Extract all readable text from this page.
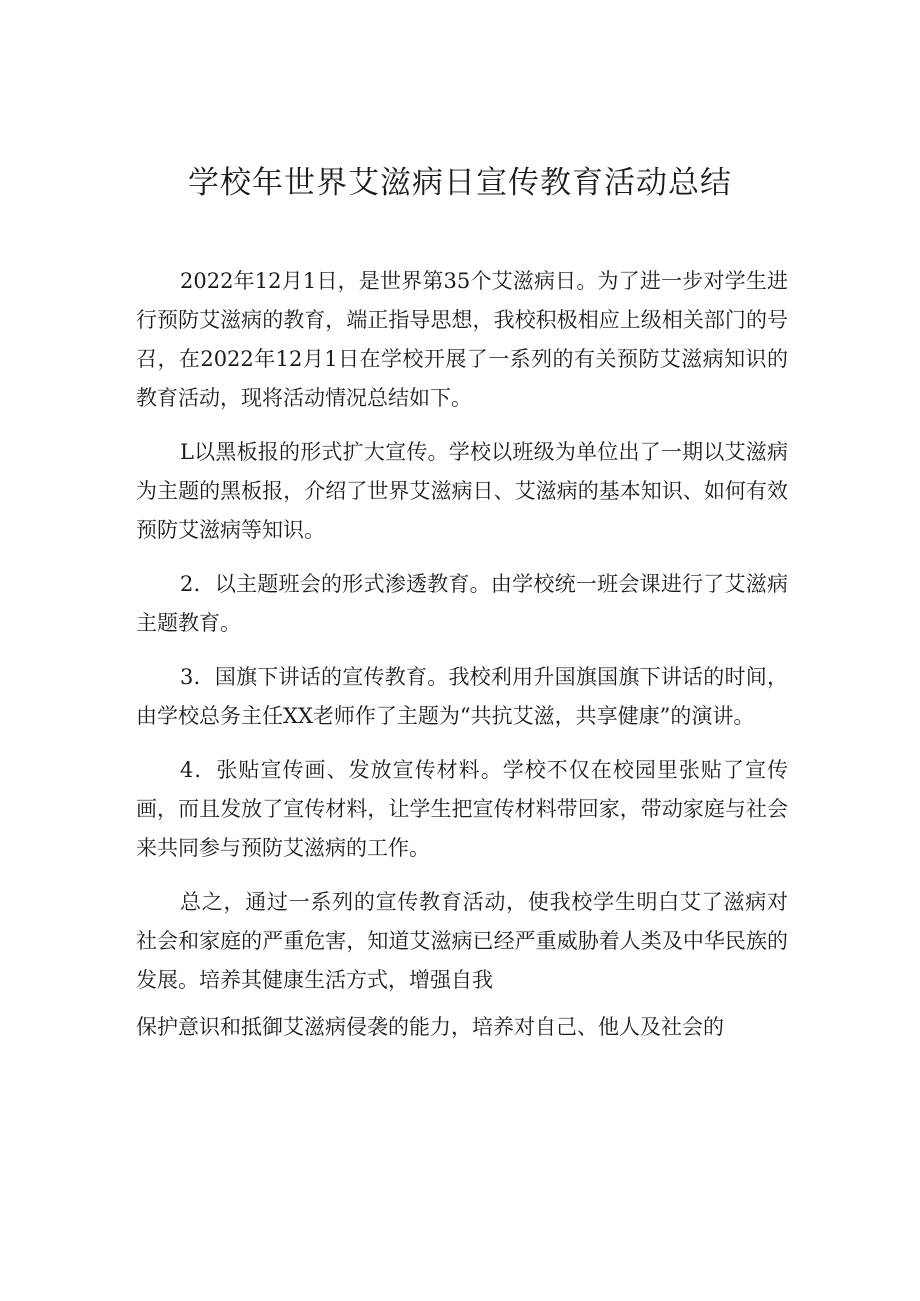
学校年世界艾滋病日宣传教育活动总结

2022年12月1日，是世界第35个艾滋病日。为了进一步对学生进行预防艾滋病的教育，端正指导思想，我校积极相应上级相关部门的号召，在2022年12月1日在学校开展了一系列的有关预防艾滋病知识的教育活动，现将活动情况总结如下。

L以黑板报的形式扩大宣传。学校以班级为单位出了一期以艾滋病为主题的黑板报，介绍了世界艾滋病日、艾滋病的基本知识、如何有效预防艾滋病等知识。

2．以主题班会的形式渗透教育。由学校统一班会课进行了艾滋病主题教育。

3．国旗下讲话的宣传教育。我校利用升国旗国旗下讲话的时间，由学校总务主任XX老师作了主题为“共抗艾滋，共享健康”的演讲。

4．张贴宣传画、发放宣传材料。学校不仅在校园里张贴了宣传画，而且发放了宣传材料，让学生把宣传材料带回家，带动家庭与社会来共同参与预防艾滋病的工作。

总之，通过一系列的宣传教育活动，使我校学生明白艾了滋病对社会和家庭的严重危害，知道艾滋病已经严重威胁着人类及中华民族的发展。培养其健康生活方式，增强自我

保护意识和抵御艾滋病侵袭的能力，培养对自己、他人及社会的
